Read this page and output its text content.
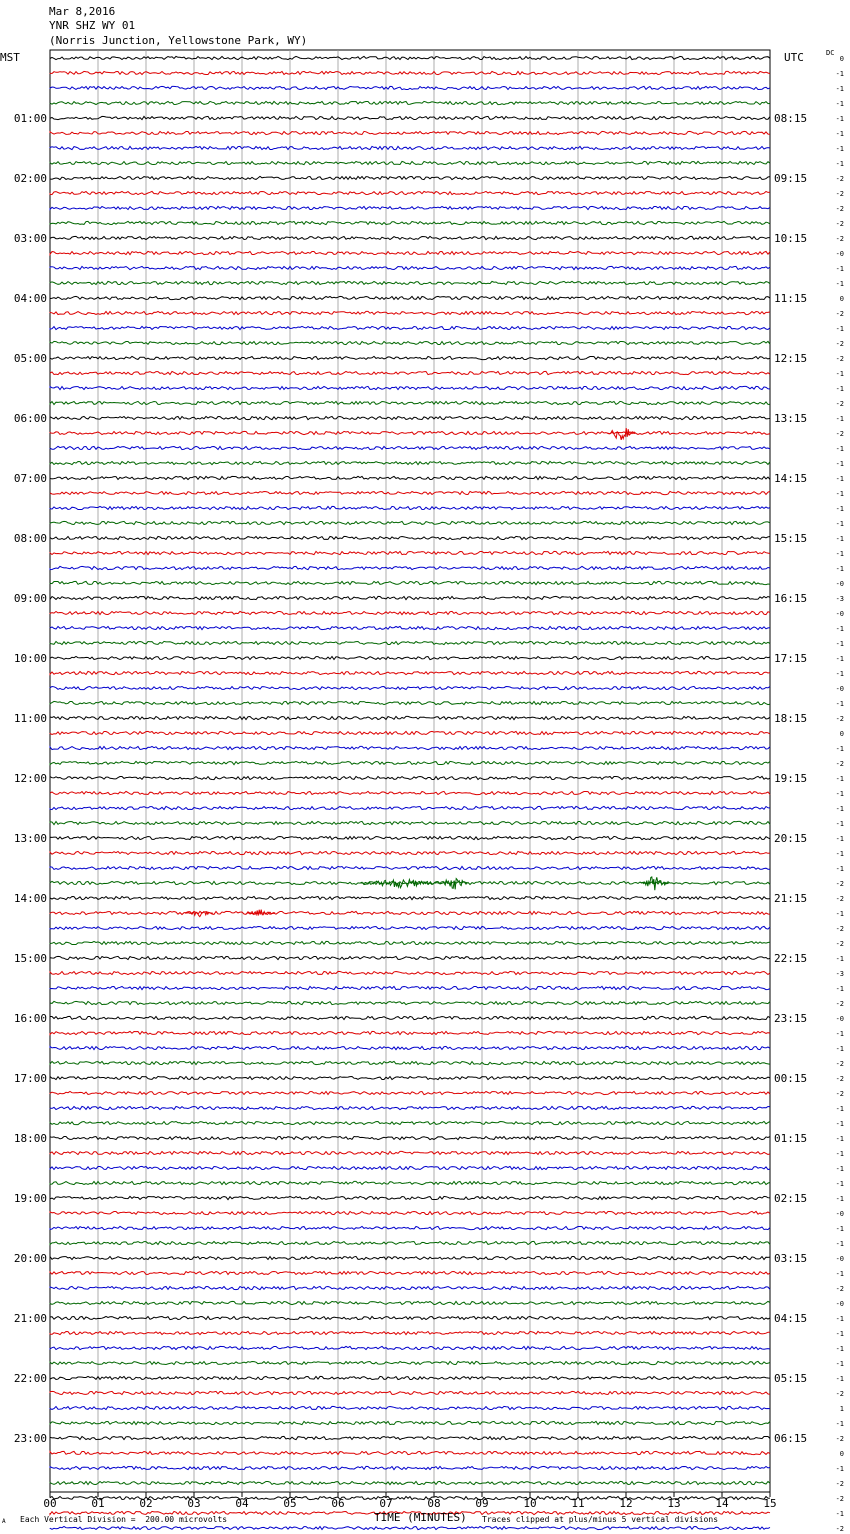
Mar 8,2016
YNR SHZ WY 01
(Norris Junction, Yellowstone Park, WY)
MST	UTC	DC
01:00
02:00
03:00
04:00
05:00
06:00
07:00
08:00
09:00
10:00
11:00
12:00
13:00
14:00
15:00
16:00
17:00
18:00
19:00
20:00
21:00
22:00
23:00
08:15
09:15
10:15
11:15
12:15
13:15
14:15
15:15
16:15
17:15
18:15
19:15
20:15
21:15
22:15
23:15
00:15
01:15
02:15
03:15
04:15
05:15
06:15
0
-1
-1
-1
-1
-1
-1
-1
-2
-2
-2
-2
-2
-0
-1
-1
0
-2
-1
-2
-2
-1
-1
-2
-1
-2
-1
-1
-1
-1
-1
-1
-1
-1
-1
-0
-3
-0
-1
-1
-1
-1
-0
-1
-2
0
-1
-2
-1
-1
-1
-1
-1
-1
-1
-2
-2
-1
-2
-2
-1
-3
-1
-2
-0
-1
-1
-2
-2
-2
-1
-1
-1
-1
-1
-1
-1
-0
-1
-1
-0
-1
-2
-0
-1
-1
-1
-1
-1
-2
1
-1
-2
0
-1
-2
-2
-1
-2
00	01	02	03	04	05	06	07	08	09	10	11	12	13	14	15
A Each Vertical Division =  200.00 microvolts	TIME (MINUTES) Traces clipped at plus/minus 5 vertical divisions
